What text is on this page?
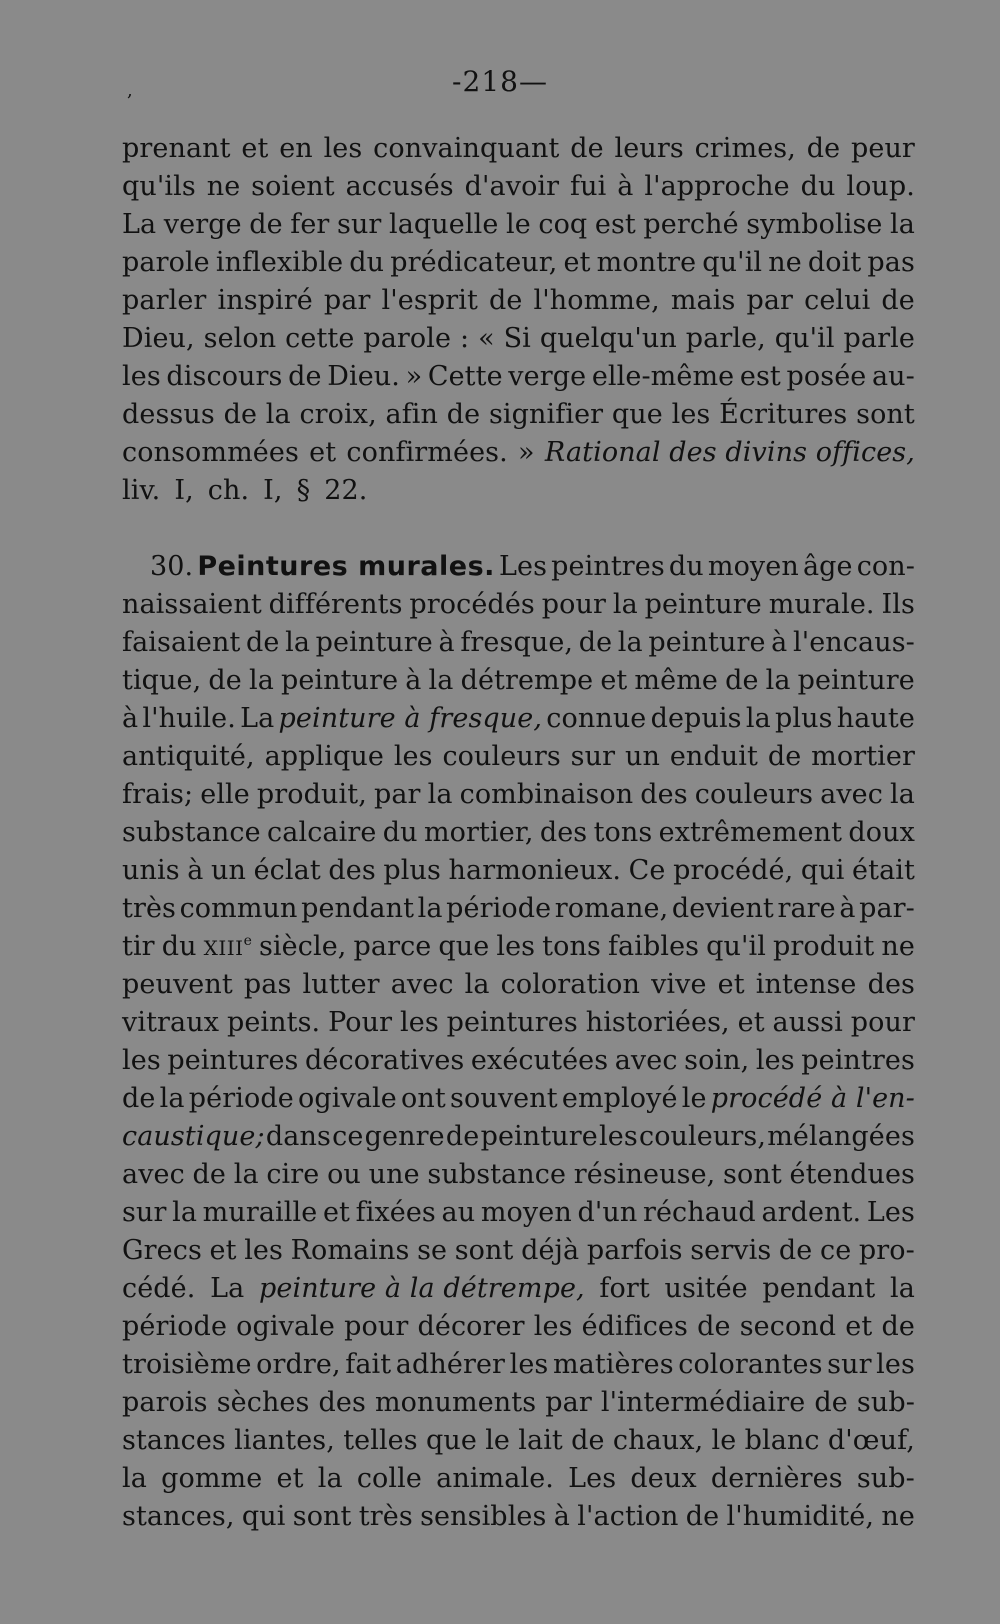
,	-218—
prenant et en les convainquant de leurs crimes, de peur
qu'ils ne soient accusés d'avoir fui à l'approche du loup.
La verge de fer sur laquelle le coq est perché symbolise la
parole inflexible du prédicateur, et montre qu'il ne doit pas
parler inspiré par l'esprit de l'homme, mais par celui de
Dieu, selon cette parole : « Si quelqu'un parle, qu'il parle
les discours de Dieu. » Cette verge elle-même est posée au-
dessus de la croix, afin de signifier que les Écritures sont
consommées et confirmées. » Rational des divins offices,
liv. I, ch. I, § 22.
30. Peintures murales. Les peintres du moyen âge con-
naissaient différents procédés pour la peinture murale. Ils
faisaient de la peinture à fresque, de la peinture à l'encaus-
tique, de la peinture à la détrempe et même de la peinture
à l'huile. La peinture à fresque, connue depuis la plus haute
antiquité, applique les couleurs sur un enduit de mortier
frais; elle produit, par la combinaison des couleurs avec la
substance calcaire du mortier, des tons extrêmement doux
unis à un éclat des plus harmonieux. Ce procédé, qui était
très commun pendant la période romane, devient rare à par-
tir du XIIIe siècle, parce que les tons faibles qu'il produit ne
peuvent pas lutter avec la coloration vive et intense des
vitraux peints. Pour les peintures historiées, et aussi pour
les peintures décoratives exécutées avec soin, les peintres
de la période ogivale ont souvent employé le procédé à l'en-
caustique; dans ce genre de peinture les couleurs, mélangées
avec de la cire ou une substance résineuse, sont étendues
sur la muraille et fixées au moyen d'un réchaud ardent. Les
Grecs et les Romains se sont déjà parfois servis de ce pro-
cédé. La peinture à la détrempe, fort usitée pendant la
période ogivale pour décorer les édifices de second et de
troisième ordre, fait adhérer les matières colorantes sur les
parois sèches des monuments par l'intermédiaire de sub-
stances liantes, telles que le lait de chaux, le blanc d'œuf,
la gomme et la colle animale. Les deux dernières sub-
stances, qui sont très sensibles à l'action de l'humidité, ne
